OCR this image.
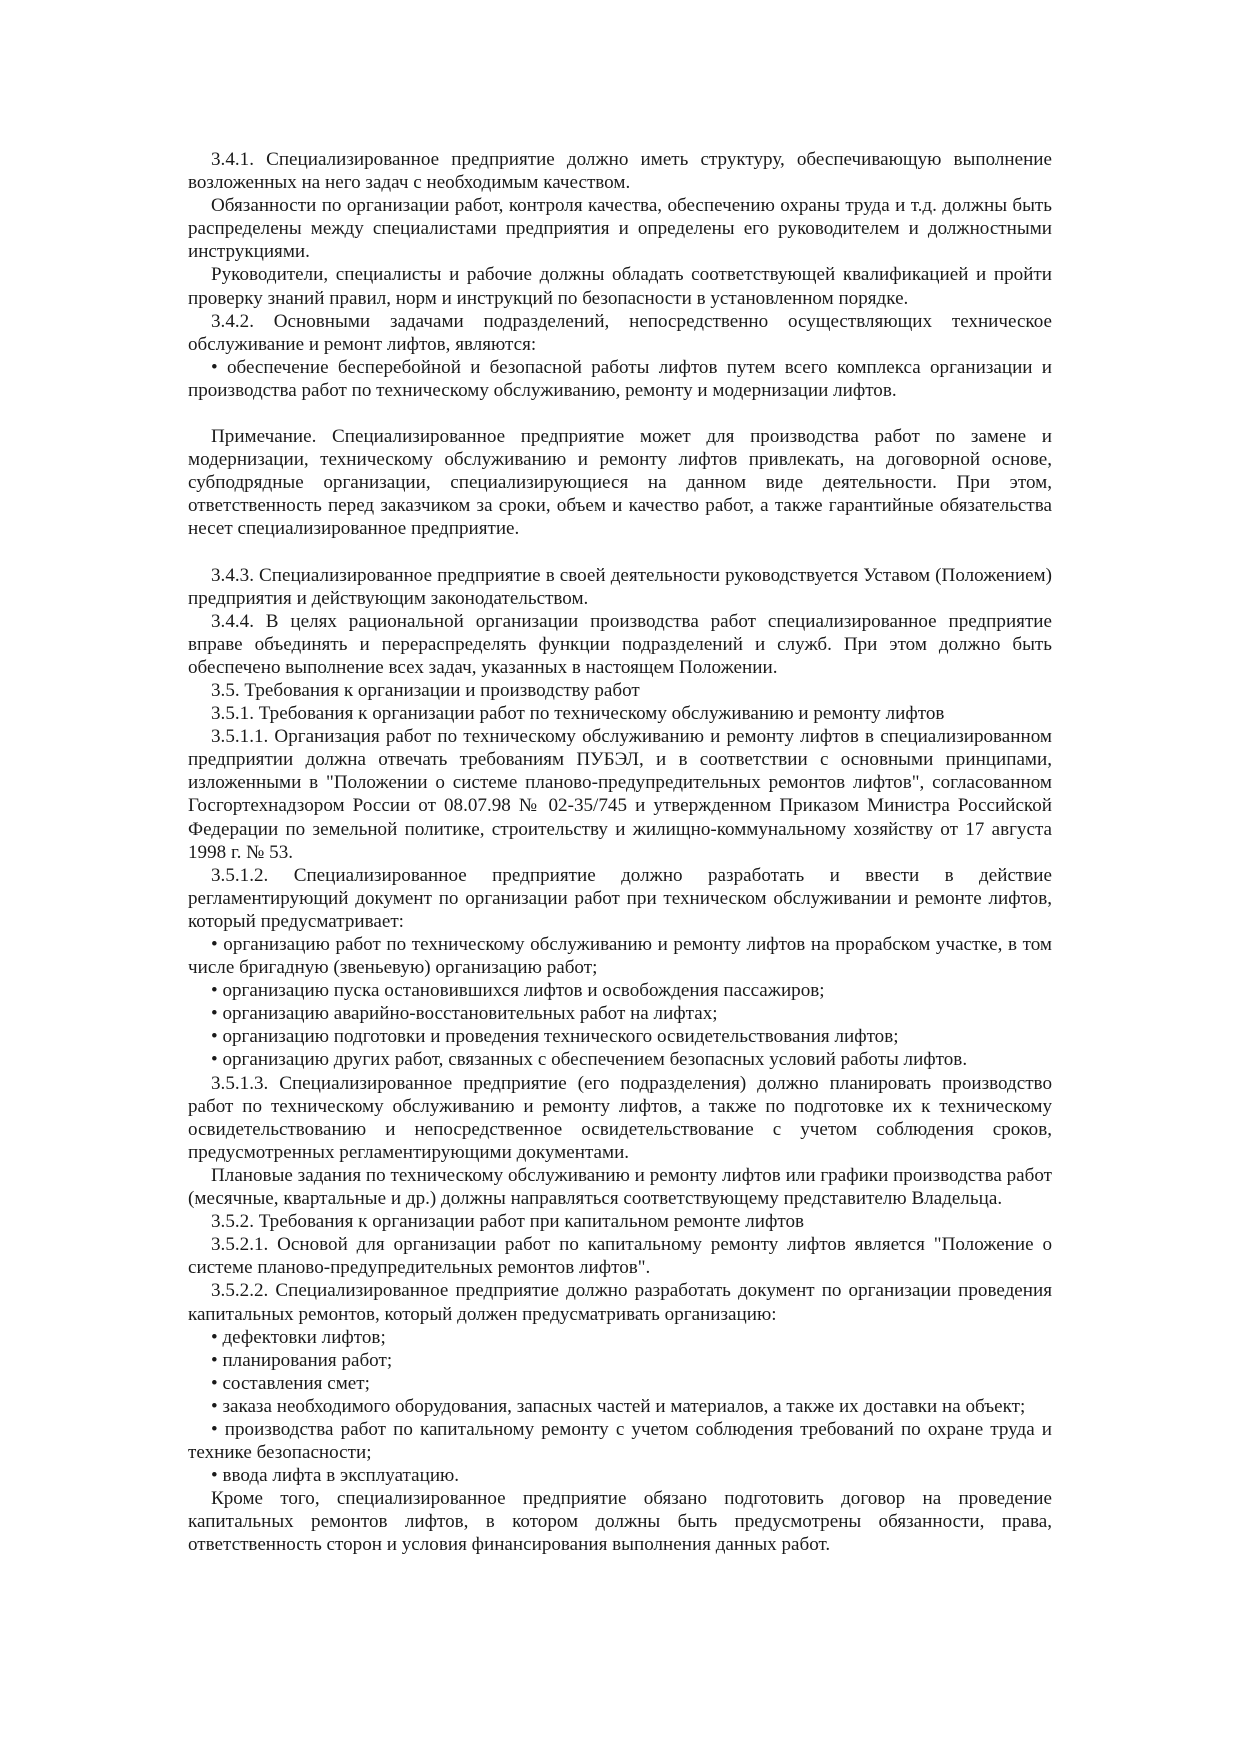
3.4.1. Специализированное предприятие должно иметь структуру, обеспечивающую выполнение возложенных на него задач с необходимым качеством.

Обязанности по организации работ, контроля качества, обеспечению охраны труда и т.д. должны быть распределены между специалистами предприятия и определены его руководителем и должностными инструкциями.

Руководители, специалисты и рабочие должны обладать соответствующей квалификацией и пройти проверку знаний правил, норм и инструкций по безопасности в установленном порядке.

3.4.2. Основными задачами подразделений, непосредственно осуществляющих техническое обслуживание и ремонт лифтов, являются:

• обеспечение бесперебойной и безопасной работы лифтов путем всего комплекса организации и производства работ по техническому обслуживанию, ремонту и модернизации лифтов.

Примечание. Специализированное предприятие может для производства работ по замене и модернизации, техническому обслуживанию и ремонту лифтов привлекать, на договорной основе, субподрядные организации, специализирующиеся на данном виде деятельности. При этом, ответственность перед заказчиком за сроки, объем и качество работ, а также гарантийные обязательства несет специализированное предприятие.

3.4.3. Специализированное предприятие в своей деятельности руководствуется Уставом (Положением) предприятия и действующим законодательством.

3.4.4. В целях рациональной организации производства работ специализированное предприятие вправе объединять и перераспределять функции подразделений и служб. При этом должно быть обеспечено выполнение всех задач, указанных в настоящем Положении.

3.5. Требования к организации и производству работ

3.5.1. Требования к организации работ по техническому обслуживанию и ремонту лифтов

3.5.1.1. Организация работ по техническому обслуживанию и ремонту лифтов в специализированном предприятии должна отвечать требованиям ПУБЭЛ, и в соответствии с основными принципами, изложенными в "Положении о системе планово-предупредительных ремонтов лифтов", согласованном Госгортехнадзором России от 08.07.98 № 02-35/745 и утвержденном Приказом Министра Российской Федерации по земельной политике, строительству и жилищно-коммунальному хозяйству от 17 августа 1998 г. № 53.

3.5.1.2. Специализированное предприятие должно разработать и ввести в действие регламентирующий документ по организации работ при техническом обслуживании и ремонте лифтов, который предусматривает:

• организацию работ по техническому обслуживанию и ремонту лифтов на прорабском участке, в том числе бригадную (звеньевую) организацию работ;

• организацию пуска остановившихся лифтов и освобождения пассажиров;

• организацию аварийно-восстановительных работ на лифтах;

• организацию подготовки и проведения технического освидетельствования лифтов;

• организацию других работ, связанных с обеспечением безопасных условий работы лифтов.

3.5.1.3. Специализированное предприятие (его подразделения) должно планировать производство работ по техническому обслуживанию и ремонту лифтов, а также по подготовке их к техническому освидетельствованию и непосредственное освидетельствование с учетом соблюдения сроков, предусмотренных регламентирующими документами.

Плановые задания по техническому обслуживанию и ремонту лифтов или графики производства работ (месячные, квартальные и др.) должны направляться соответствующему представителю Владельца.

3.5.2. Требования к организации работ при капитальном ремонте лифтов

3.5.2.1. Основой для организации работ по капитальному ремонту лифтов является "Положение о системе планово-предупредительных ремонтов лифтов".

3.5.2.2. Специализированное предприятие должно разработать документ по организации проведения капитальных ремонтов, который должен предусматривать организацию:

• дефектовки лифтов;

• планирования работ;

• составления смет;

• заказа необходимого оборудования, запасных частей и материалов, а также их доставки на объект;

• производства работ по капитальному ремонту с учетом соблюдения требований по охране труда и технике безопасности;

• ввода лифта в эксплуатацию.

Кроме того, специализированное предприятие обязано подготовить договор на проведение капитальных ремонтов лифтов, в котором должны быть предусмотрены обязанности, права, ответственность сторон и условия финансирования выполнения данных работ.
